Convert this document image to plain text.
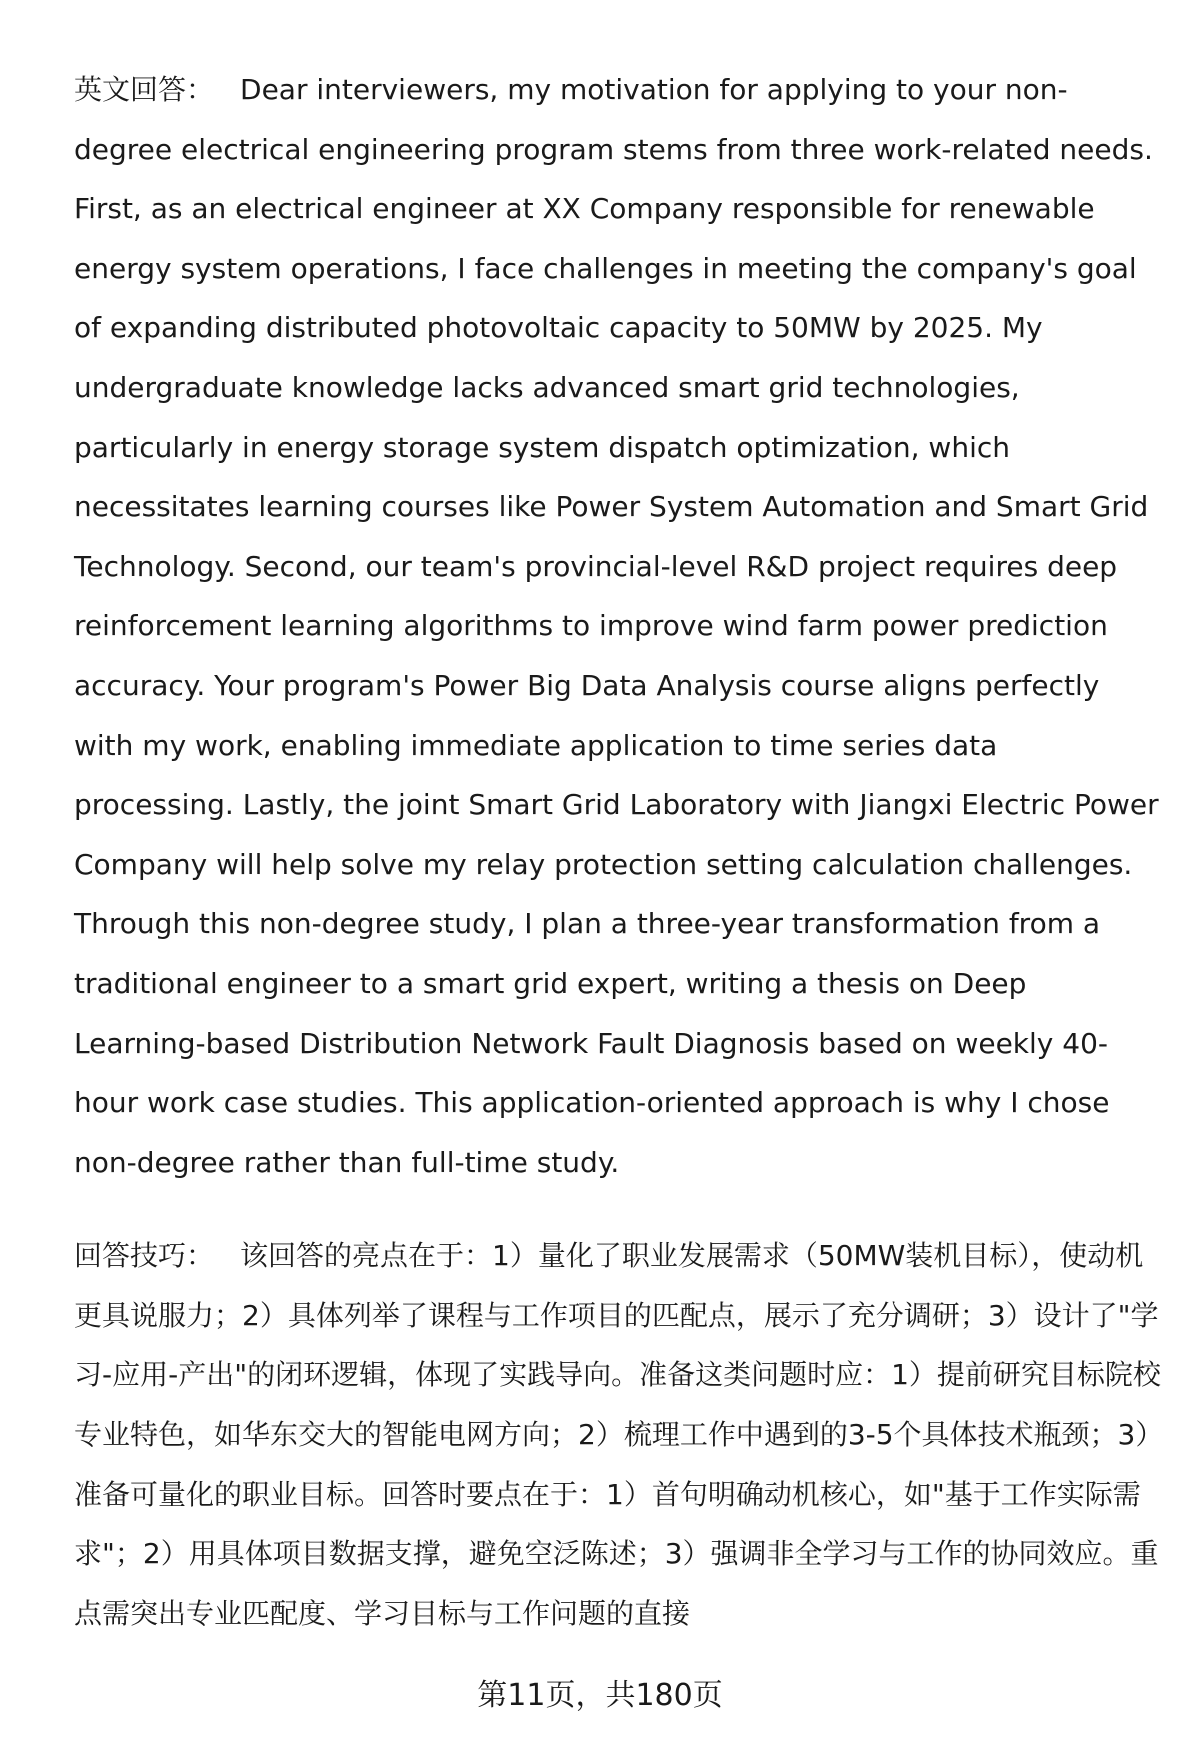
英文回答： Dear interviewers, my motivation for applying to your non-degree electrical engineering program stems from three work-related needs. First, as an electrical engineer at XX Company responsible for renewable energy system operations, I face challenges in meeting the company's goal of expanding distributed photovoltaic capacity to 50MW by 2025. My undergraduate knowledge lacks advanced smart grid technologies, particularly in energy storage system dispatch optimization, which necessitates learning courses like Power System Automation and Smart Grid Technology. Second, our team's provincial-level R&D project requires deep reinforcement learning algorithms to improve wind farm power prediction accuracy. Your program's Power Big Data Analysis course aligns perfectly with my work, enabling immediate application to time series data processing. Lastly, the joint Smart Grid Laboratory with Jiangxi Electric Power Company will help solve my relay protection setting calculation challenges. Through this non-degree study, I plan a three-year transformation from a traditional engineer to a smart grid expert, writing a thesis on Deep Learning-based Distribution Network Fault Diagnosis based on weekly 40-hour work case studies. This application-oriented approach is why I chose non-degree rather than full-time study.

回答技巧： 该回答的亮点在于：1）量化了职业发展需求（50MW装机目标），使动机更具说服力；2）具体列举了课程与工作项目的匹配点，展示了充分调研；3）设计了"学习-应用-产出"的闭环逻辑，体现了实践导向。准备这类问题时应：1）提前研究目标院校专业特色，如华东交大的智能电网方向；2）梳理工作中遇到的3-5个具体技术瓶颈；3）准备可量化的职业目标。回答时要点在于：1）首句明确动机核心，如"基于工作实际需求"；2）用具体项目数据支撑，避免空泛陈述；3）强调非全学习与工作的协同效应。重点需突出专业匹配度、学习目标与工作问题的直接

第11页，共180页
